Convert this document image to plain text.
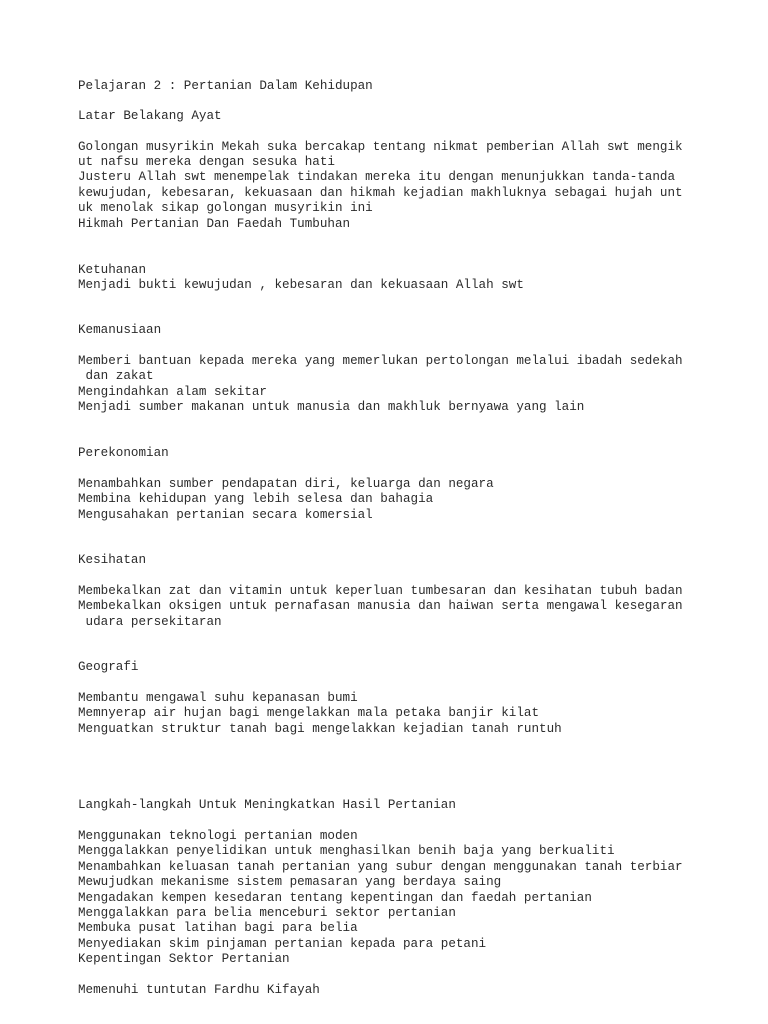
Pelajaran 2 : Pertanian Dalam Kehidupan

Latar Belakang Ayat

Golongan musyrikin Mekah suka bercakap tentang nikmat pemberian Allah swt mengik

ut nafsu mereka dengan sesuka hati

Justeru Allah swt menempelak tindakan mereka itu dengan menunjukkan tanda-tanda

kewujudan, kebesaran, kekuasaan dan hikmah kejadian makhluknya sebagai hujah unt

uk menolak sikap golongan musyrikin ini

Hikmah Pertanian Dan Faedah Tumbuhan

Ketuhanan

Menjadi bukti kewujudan , kebesaran dan kekuasaan Allah swt

Kemanusiaan

Memberi bantuan kepada mereka yang memerlukan pertolongan melalui ibadah sedekah

dan zakat

Mengindahkan alam sekitar

Menjadi sumber makanan untuk manusia dan makhluk bernyawa yang lain

Perekonomian

Menambahkan sumber pendapatan diri, keluarga dan negara

Membina kehidupan yang lebih selesa dan bahagia

Mengusahakan pertanian secara komersial

Kesihatan

Membekalkan zat dan vitamin untuk keperluan tumbesaran dan kesihatan tubuh badan

Membekalkan oksigen untuk pernafasan manusia dan haiwan serta mengawal kesegaran

udara persekitaran

Geografi

Membantu mengawal suhu kepanasan bumi

Memnyerap air hujan bagi mengelakkan mala petaka banjir kilat

Menguatkan struktur tanah bagi mengelakkan kejadian tanah runtuh

Langkah-langkah Untuk Meningkatkan Hasil Pertanian

Menggunakan teknologi pertanian moden

Menggalakkan penyelidikan untuk menghasilkan benih baja yang berkualiti

Menambahkan keluasan tanah pertanian yang subur dengan menggunakan tanah terbiar

Mewujudkan mekanisme sistem pemasaran yang berdaya saing

Mengadakan kempen kesedaran tentang kepentingan dan faedah pertanian

Menggalakkan para belia menceburi sektor pertanian

Membuka pusat latihan bagi para belia

Menyediakan skim pinjaman pertanian kepada para petani

Kepentingan Sektor Pertanian

Memenuhi tuntutan Fardhu Kifayah
